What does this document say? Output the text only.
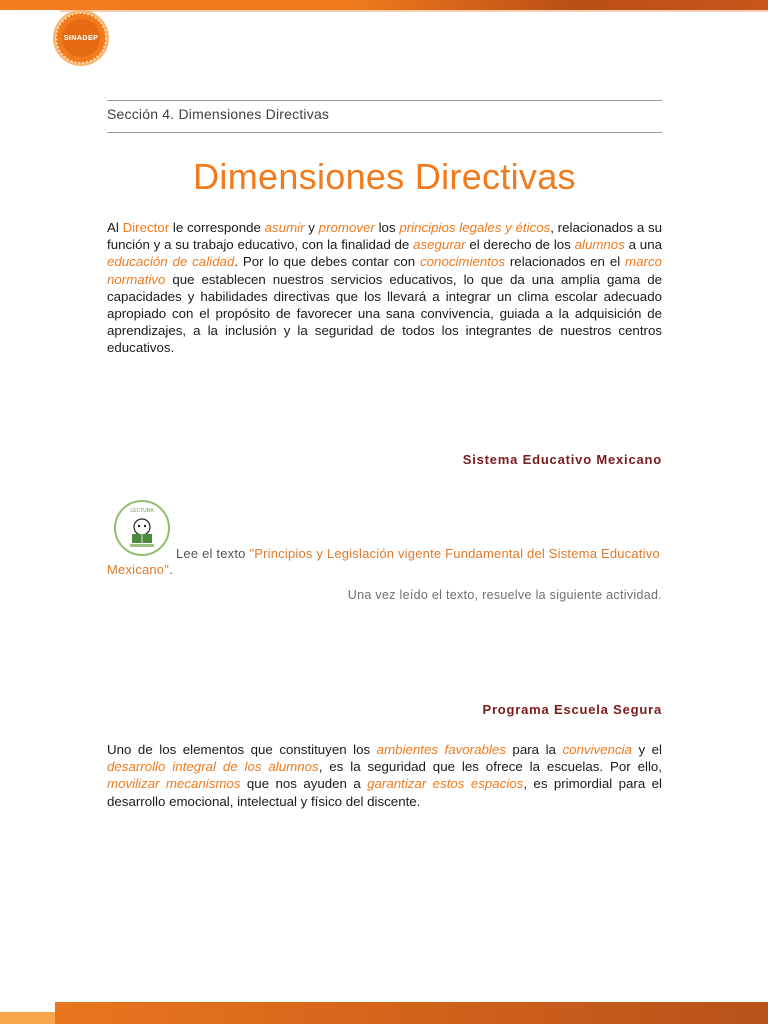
SINADEP
Sección 4. Dimensiones Directivas
Dimensiones Directivas
Al Director le corresponde asumir y promover los principios legales y éticos, relacionados a su función y a su trabajo educativo, con la finalidad de asegurar el derecho de los alumnos a una educación de calidad. Por lo que debes contar con conocimientos relacionados en el marco normativo que establecen nuestros servicios educativos, lo que da una amplia gama de capacidades y habilidades directivas que los llevará a integrar un clima escolar adecuado apropiado con el propósito de favorecer una sana convivencia, guiada a la adquisición de aprendizajes, a la inclusión y la seguridad de todos los integrantes de nuestros centros educativos.
Sistema Educativo Mexicano
LECTURA
Lee el texto "Principios y Legislación vigente Fundamental del Sistema Educativo Mexicano".
Una vez leído el texto, resuelve la siguiente actividad.
Programa Escuela Segura
Uno de los elementos que constituyen los ambientes favorables para la convivencia y el desarrollo integral de los alumnos, es la seguridad que les ofrece la escuelas. Por ello, movilizar mecanismos que nos ayuden a garantizar estos espacios, es primordial para el desarrollo emocional, intelectual y físico del discente.
